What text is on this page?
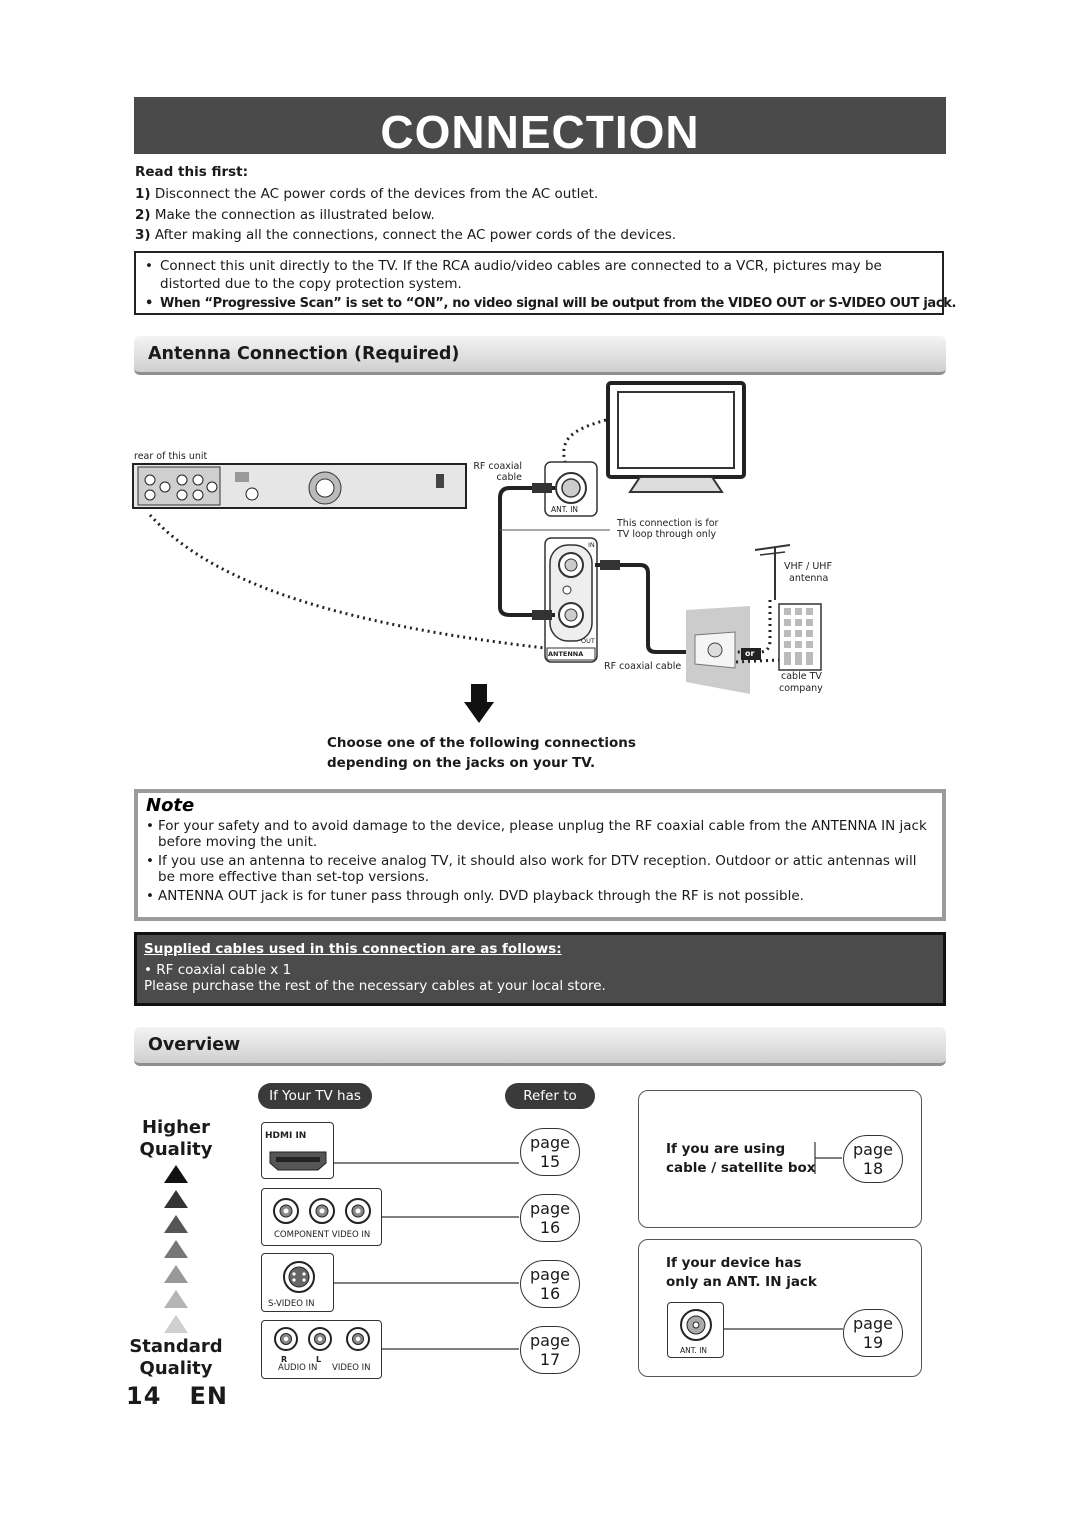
CONNECTION
Read this first:
1) Disconnect the AC power cords of the devices from the AC outlet.
2) Make the connection as illustrated below.
3) After making all the connections, connect the AC power cords of the devices.
• Connect this unit directly to the TV. If the RCA audio/video cables are connected to a VCR, pictures may be distorted due to the copy protection system.
• When “Progressive Scan” is set to “ON”, no video signal will be output from the VIDEO OUT or S-VIDEO OUT jack.
Antenna Connection (Required)
rear of this unit
RF coaxial
cable
ANT. IN
This connection is for
TV loop through only
IN
OUT
ANTENNA
VHF / UHF
antenna
RF coaxial cable
or
cable TV
company
Choose one of the following connections
depending on the jacks on your TV.
Note
• For your safety and to avoid damage to the device, please unplug the RF coaxial cable from the ANTENNA IN jack before moving the unit.
• If you use an antenna to receive analog TV, it should also work for DTV reception. Outdoor or attic antennas will be more effective than set-top versions.
• ANTENNA OUT jack is for tuner pass through only. DVD playback through the RF is not possible.
Supplied cables used in this connection are as follows:
• RF coaxial cable x 1
Please purchase the rest of the necessary cables at your local store.
Overview
If Your TV has	Refer to
Higher
Quality
Standard
Quality
HDMI IN
COMPONENT VIDEO IN
S-VIDEO IN
R	L
AUDIO IN VIDEO IN
page
15
page
16
page
16
page
17
If you are using
cable / satellite box
page
18
If your device has
only an ANT. IN jack
ANT. IN
page
19
14 EN
